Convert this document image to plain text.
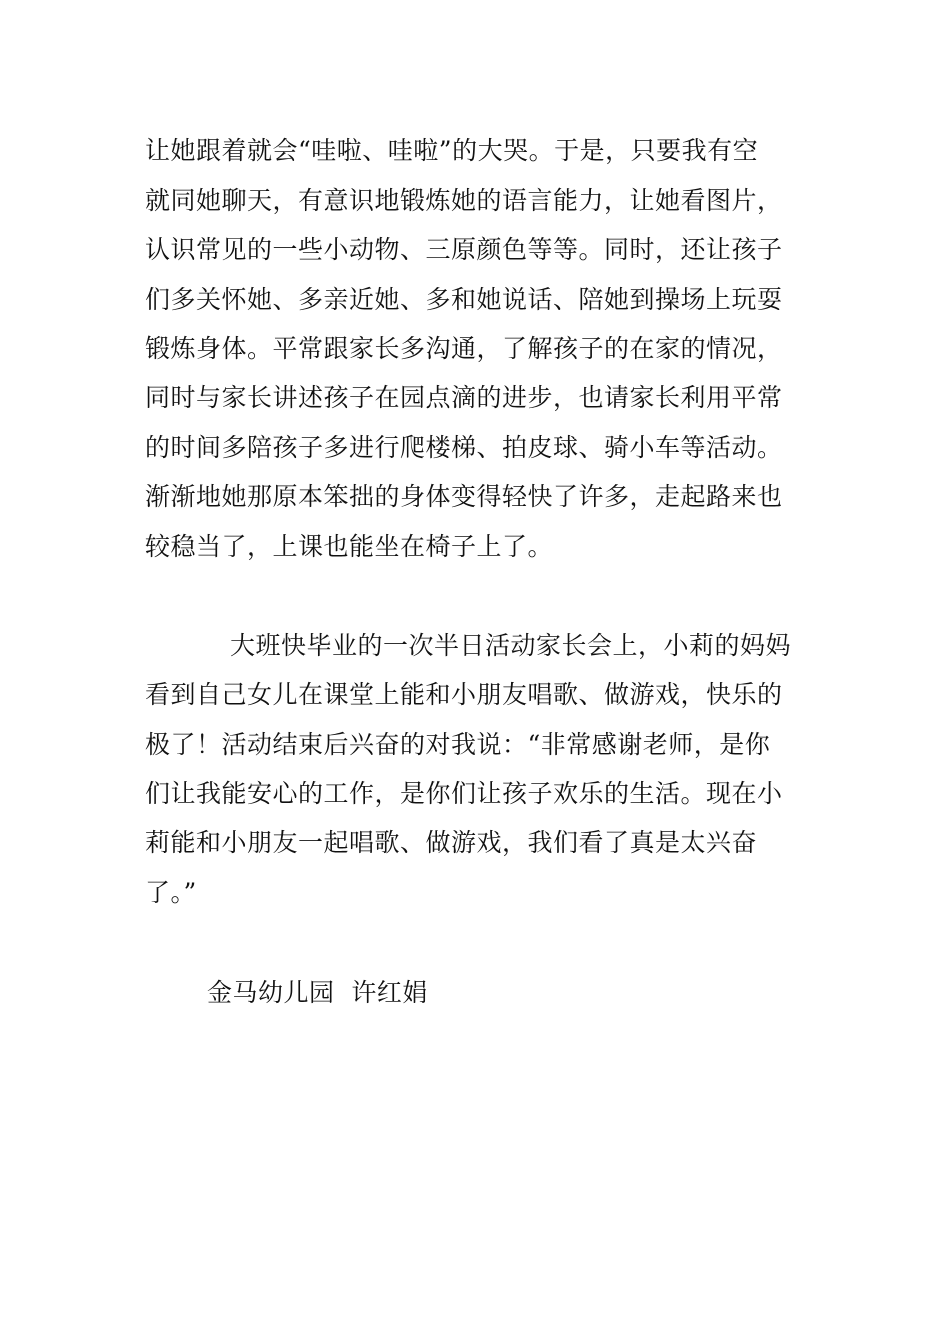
让她跟着就会“哇啦、哇啦”的大哭。于是，只要我有空
就同她聊天，有意识地锻炼她的语言能力，让她看图片，
认识常见的一些小动物、三原颜色等等。同时，还让孩子
们多关怀她、多亲近她、多和她说话、陪她到操场上玩耍
锻炼身体。平常跟家长多沟通，了解孩子的在家的情况，
同时与家长讲述孩子在园点滴的进步，也请家长利用平常
的时间多陪孩子多进行爬楼梯、拍皮球、骑小车等活动。
渐渐地她那原本笨拙的身体变得轻快了许多，走起路来也
较稳当了，上课也能坐在椅子上了。
大班快毕业的一次半日活动家长会上，小莉的妈妈
看到自己女儿在课堂上能和小朋友唱歌、做游戏，快乐的
极了！活动结束后兴奋的对我说：“非常感谢老师，是你
们让我能安心的工作，是你们让孩子欢乐的生活。现在小
莉能和小朋友一起唱歌、做游戏，我们看了真是太兴奋
了。”
金马幼儿园  许红娟
